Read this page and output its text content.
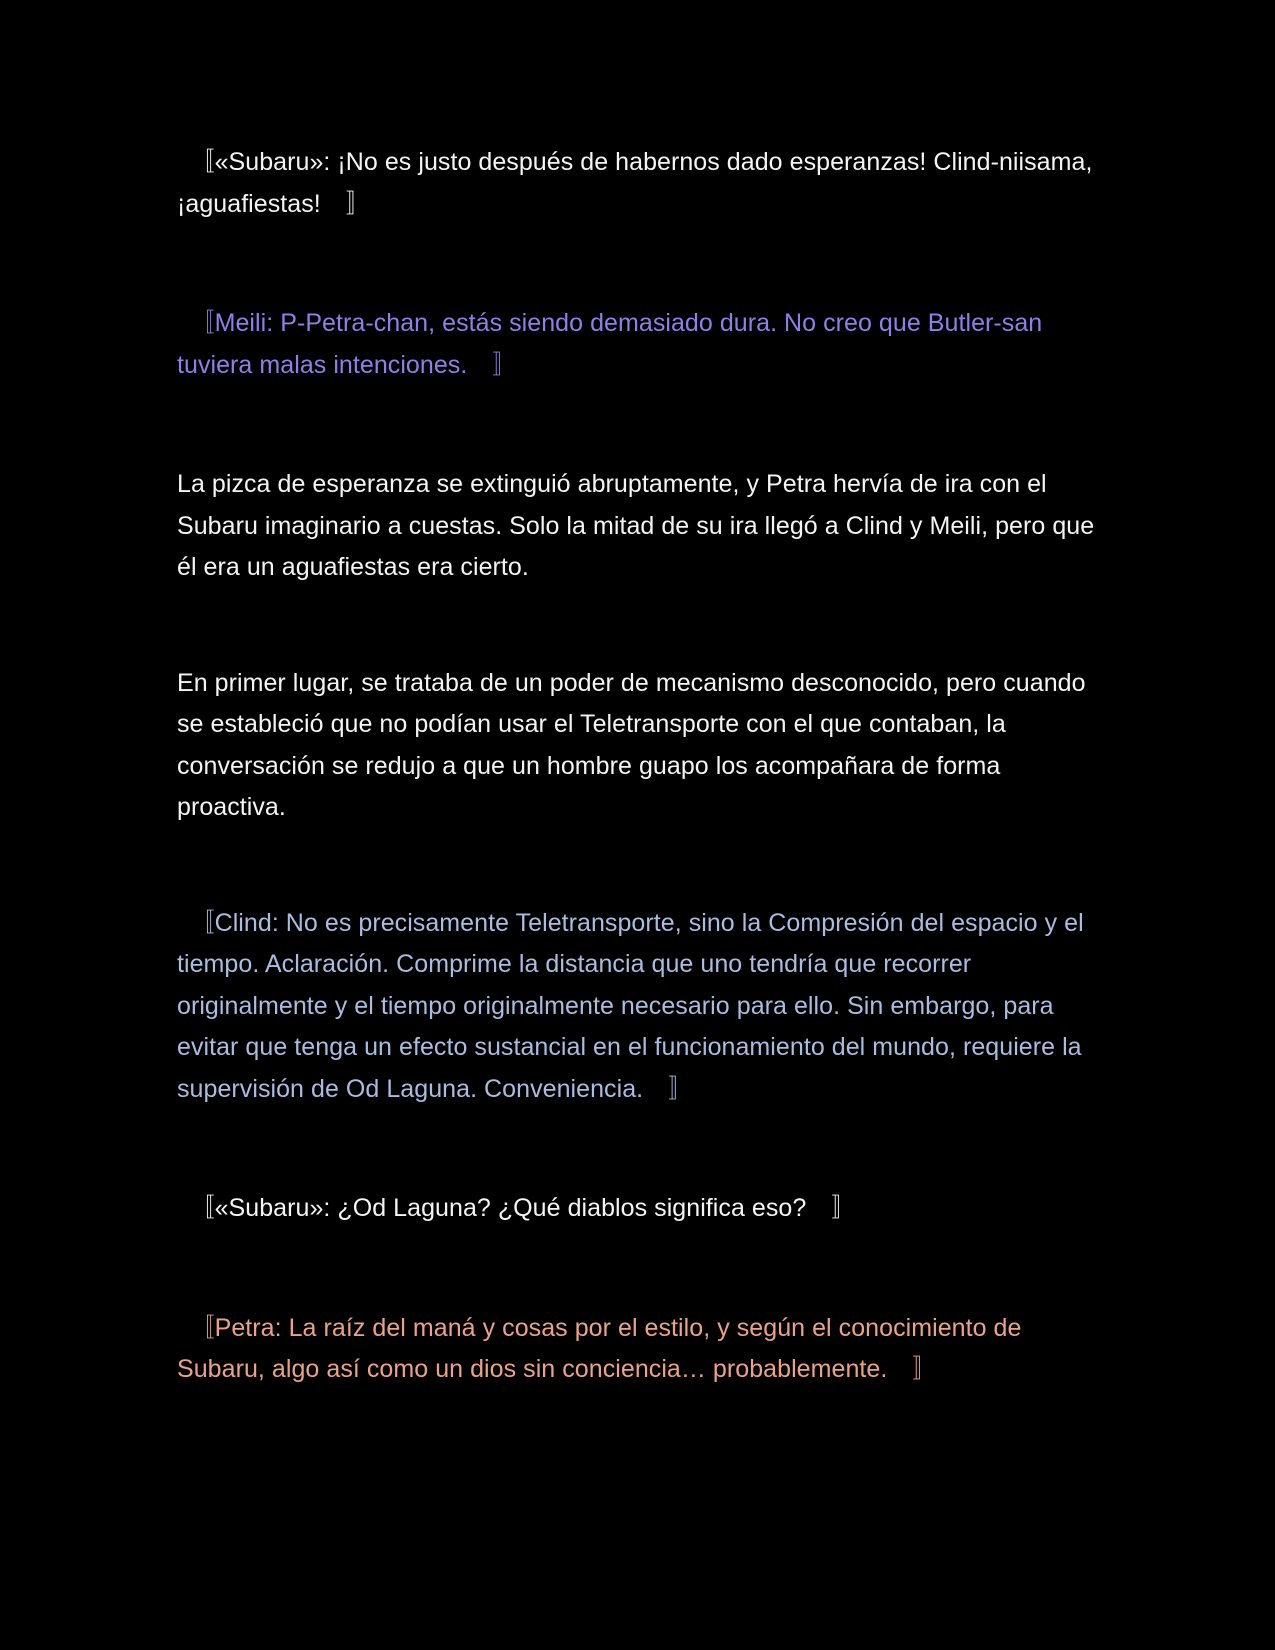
　〚«Subaru»: ¡No es justo después de habernos dado esperanzas! Clind-niisama, ¡aguafiestas!　〛

　〚Meili: P-Petra-chan, estás siendo demasiado dura. No creo que Butler-san tuviera malas intenciones.　〛

La pizca de esperanza se extinguió abruptamente, y Petra hervía de ira con el Subaru imaginario a cuestas. Solo la mitad de su ira llegó a Clind y Meili, pero que él era un aguafiestas era cierto.

En primer lugar, se trataba de un poder de mecanismo desconocido, pero cuando se estableció que no podían usar el Teletransporte con el que contaban, la conversación se redujo a que un hombre guapo los acompañara de forma proactiva.

　〚Clind: No es precisamente Teletransporte, sino la Compresión del espacio y el tiempo. Aclaración. Comprime la distancia que uno tendría que recorrer originalmente y el tiempo originalmente necesario para ello. Sin embargo, para evitar que tenga un efecto sustancial en el funcionamiento del mundo, requiere la supervisión de Od Laguna. Conveniencia.　〛

　〚«Subaru»: ¿Od Laguna? ¿Qué diablos significa eso?　〛

　〚Petra: La raíz del maná y cosas por el estilo, y según el conocimiento de Subaru, algo así como un dios sin conciencia… probablemente.　〛
